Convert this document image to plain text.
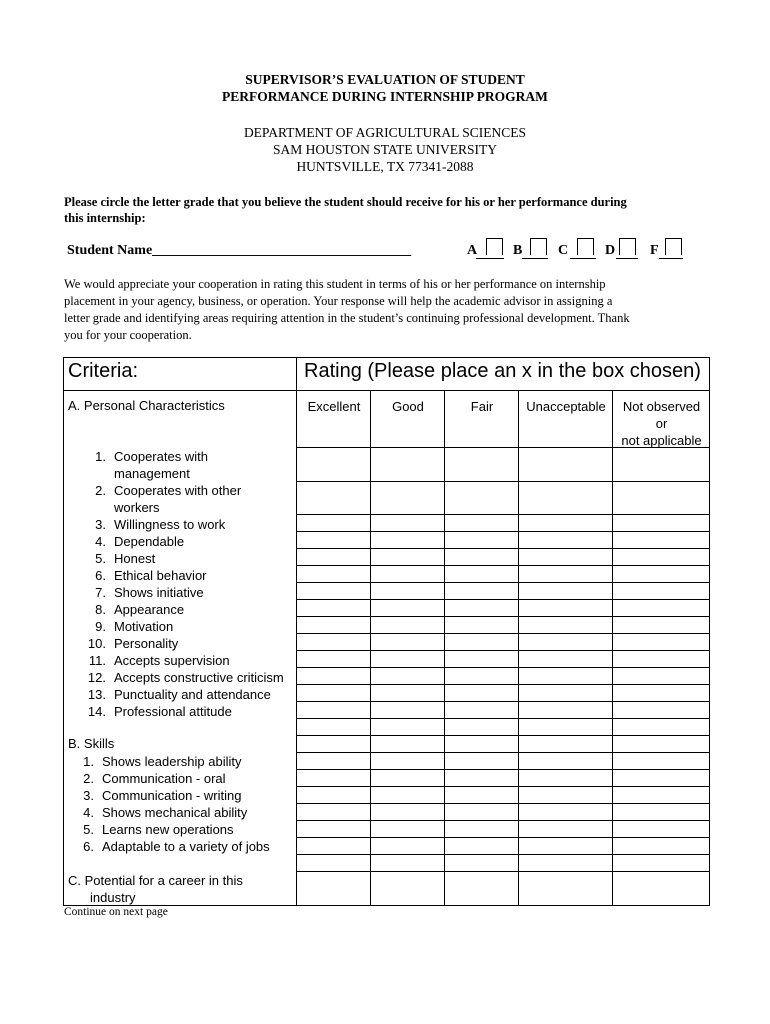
SUPERVISOR’S EVALUATION OF STUDENT
PERFORMANCE DURING INTERNSHIP PROGRAM
DEPARTMENT OF AGRICULTURAL SCIENCES
SAM HOUSTON STATE UNIVERSITY
HUNTSVILLE, TX 77341-2088
Please circle the letter grade that you believe the student should receive for his or her performance during
this internship:
Student Name_____________________________________	A	B	C	D F
We would appreciate your cooperation in rating this student in terms of his or her performance on internship
placement in your agency, business, or operation. Your response will help the academic advisor in assigning a
letter grade and identifying areas requiring attention in the student’s continuing professional development. Thank
you for your cooperation.
Criteria:	Rating (Please place an x in the box chosen)
Excellent	Good	Fair	Unacceptable	Not observed
or
not applicable
A. Personal Characteristics
1. Cooperates with
management
2. Cooperates with other
workers
3. Willingness to work
4. Dependable
5. Honest
6. Ethical behavior
7. Shows initiative
8. Appearance
9. Motivation
10. Personality
11. Accepts supervision
12. Accepts constructive criticism
13. Punctuality and attendance
14. Professional attitude
B. Skills
1. Shows leadership ability
2. Communication - oral
3. Communication - writing
4. Shows mechanical ability
5. Learns new operations
6. Adaptable to a variety of jobs
C. Potential for a career in this
industry
Continue on next page
